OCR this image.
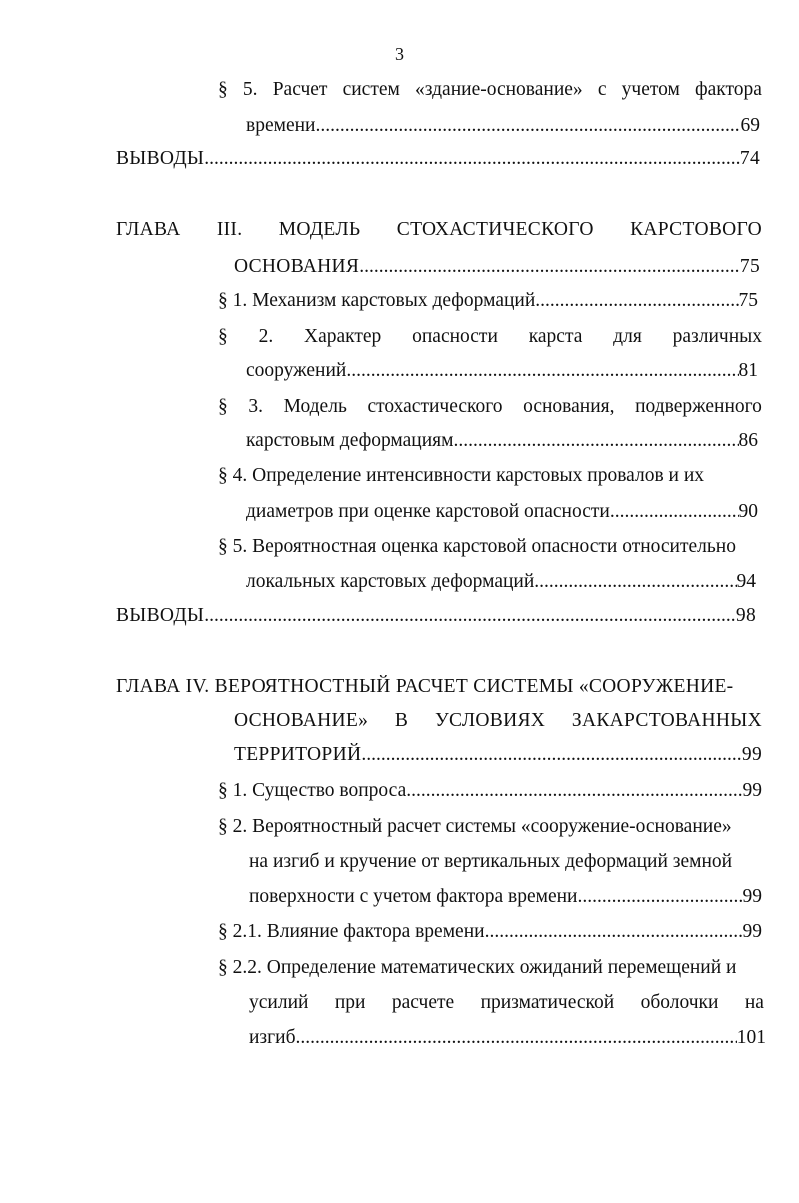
3
§ 5. Расчет систем «здание-основание» с учетом фактора
времени .....	69
ВЫВОДЫ .....	74
ГЛАВА III. МОДЕЛЬ СТОХАСТИЧЕСКОГО КАРСТОВОГО
ОСНОВАНИЯ .....	75
§ 1. Механизм карстовых деформаций .....	75
§ 2. Характер опасности карста для различных
сооружений .....	81
§ 3. Модель стохастического основания, подверженного
карстовым деформациям .....	86
§ 4. Определение интенсивности карстовых провалов и их
диаметров при оценке карстовой опасности .....	90
§ 5. Вероятностная оценка карстовой опасности относительно
локальных карстовых деформаций .....	94
ВЫВОДЫ .....	98
ГЛАВА IV. ВЕРОЯТНОСТНЫЙ РАСЧЕТ СИСТЕМЫ «СООРУЖЕНИЕ-
ОСНОВАНИЕ» В УСЛОВИЯХ ЗАКАРСТОВАННЫХ
ТЕРРИТОРИЙ .....	99
§ 1. Существо вопроса .....	99
§ 2. Вероятностный расчет системы «сооружение-основание»
на изгиб и кручение от вертикальных деформаций земной
поверхности с учетом фактора времени .....	99
§ 2.1. Влияние фактора времени .....	99
§ 2.2. Определение математических ожиданий перемещений и
усилий при расчете призматической оболочки на
изгиб .....	101
